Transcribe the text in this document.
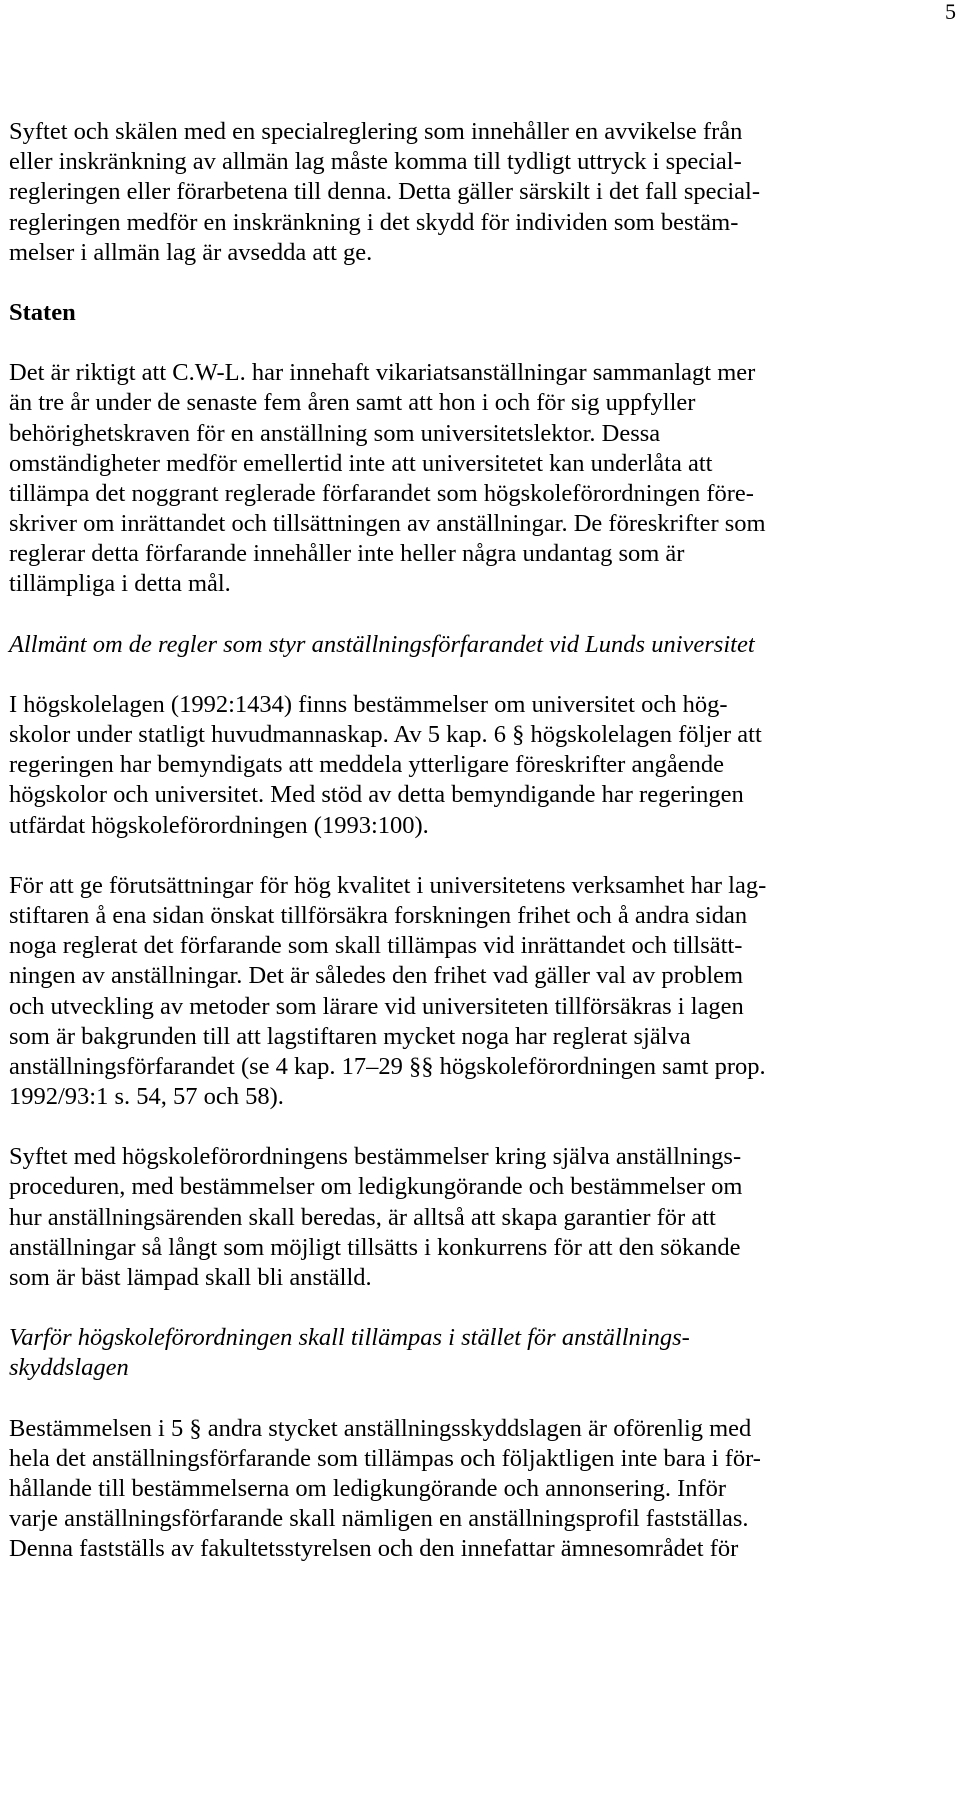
5
Syftet och skälen med en specialreglering som innehåller en avvikelse från
eller inskränkning av allmän lag måste komma till tydligt uttryck i special-
regleringen eller förarbetena till denna. Detta gäller särskilt i det fall special-
regleringen medför en inskränkning i det skydd för individen som bestäm-
melser i allmän lag är avsedda att ge.
Staten
Det är riktigt att C.W-L. har innehaft vikariatsanställningar sammanlagt mer
än tre år under de senaste fem åren samt att hon i och för sig uppfyller
behörighetskraven för en anställning som universitetslektor. Dessa
omständigheter medför emellertid inte att universitetet kan underlåta att
tillämpa det noggrant reglerade förfarandet som högskoleförordningen före-
skriver om inrättandet och tillsättningen av anställningar. De föreskrifter som
reglerar detta förfarande innehåller inte heller några undantag som är
tillämpliga i detta mål.
Allmänt om de regler som styr anställningsförfarandet vid Lunds universitet
I högskolelagen (1992:1434) finns bestämmelser om universitet och hög-
skolor under statligt huvudmannaskap. Av 5 kap. 6 § högskolelagen följer att
regeringen har bemyndigats att meddela ytterligare föreskrifter angående
högskolor och universitet. Med stöd av detta bemyndigande har regeringen
utfärdat högskoleförordningen (1993:100).
För att ge förutsättningar för hög kvalitet i universitetens verksamhet har lag-
stiftaren å ena sidan önskat tillförsäkra forskningen frihet och å andra sidan
noga reglerat det förfarande som skall tillämpas vid inrättandet och tillsätt-
ningen av anställningar. Det är således den frihet vad gäller val av problem
och utveckling av metoder som lärare vid universiteten tillförsäkras i lagen
som är bakgrunden till att lagstiftaren mycket noga har reglerat själva
anställningsförfarandet (se 4 kap. 17–29 §§ högskoleförordningen samt prop.
1992/93:1 s. 54, 57 och 58).
Syftet med högskoleförordningens bestämmelser kring själva anställnings-
proceduren, med bestämmelser om ledigkungörande och bestämmelser om
hur anställningsärenden skall beredas, är alltså att skapa garantier för att
anställningar så långt som möjligt tillsätts i konkurrens för att den sökande
som är bäst lämpad skall bli anställd.
Varför högskoleförordningen skall tillämpas i stället för anställnings-
skyddslagen
Bestämmelsen i 5 § andra stycket anställningsskyddslagen är oförenlig med
hela det anställningsförfarande som tillämpas och följaktligen inte bara i för-
hållande till bestämmelserna om ledigkungörande och annonsering. Inför
varje anställningsförfarande skall nämligen en anställningsprofil fastställas.
Denna fastställs av fakultetsstyrelsen och den innefattar ämnesområdet för
